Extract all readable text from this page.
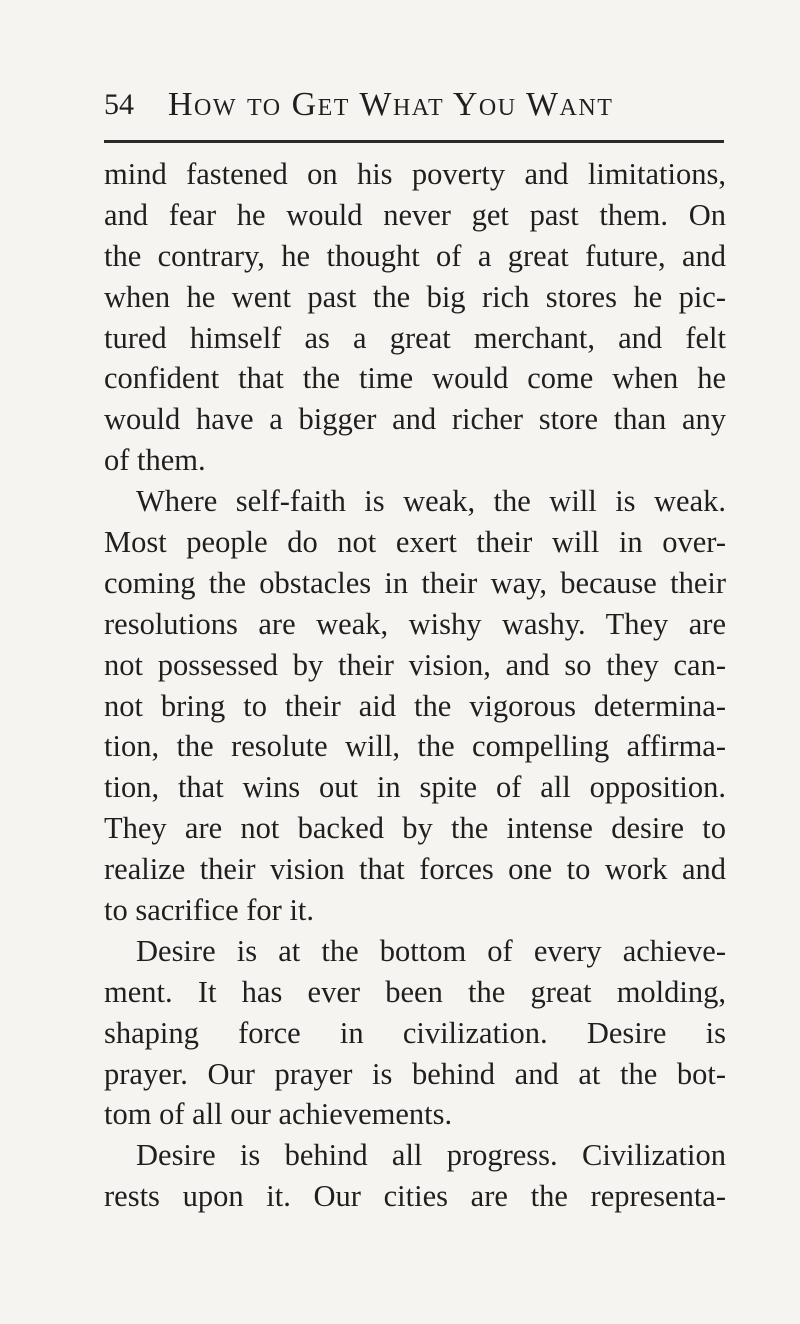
54 How to Get What You Want
mind fastened on his poverty and limitations,
and fear he would never get past them. On
the contrary, he thought of a great future, and
when he went past the big rich stores he pic-
tured himself as a great merchant, and felt
confident that the time would come when he
would have a bigger and richer store than any
of them.
Where self-faith is weak, the will is weak.
Most people do not exert their will in over-
coming the obstacles in their way, because their
resolutions are weak, wishy washy. They are
not possessed by their vision, and so they can-
not bring to their aid the vigorous determina-
tion, the resolute will, the compelling affirma-
tion, that wins out in spite of all opposition.
They are not backed by the intense desire to
realize their vision that forces one to work and
to sacrifice for it.
Desire is at the bottom of every achieve-
ment. It has ever been the great molding,
shaping force in civilization. Desire is
prayer. Our prayer is behind and at the bot-
tom of all our achievements.
Desire is behind all progress. Civilization
rests upon it. Our cities are the representa-
